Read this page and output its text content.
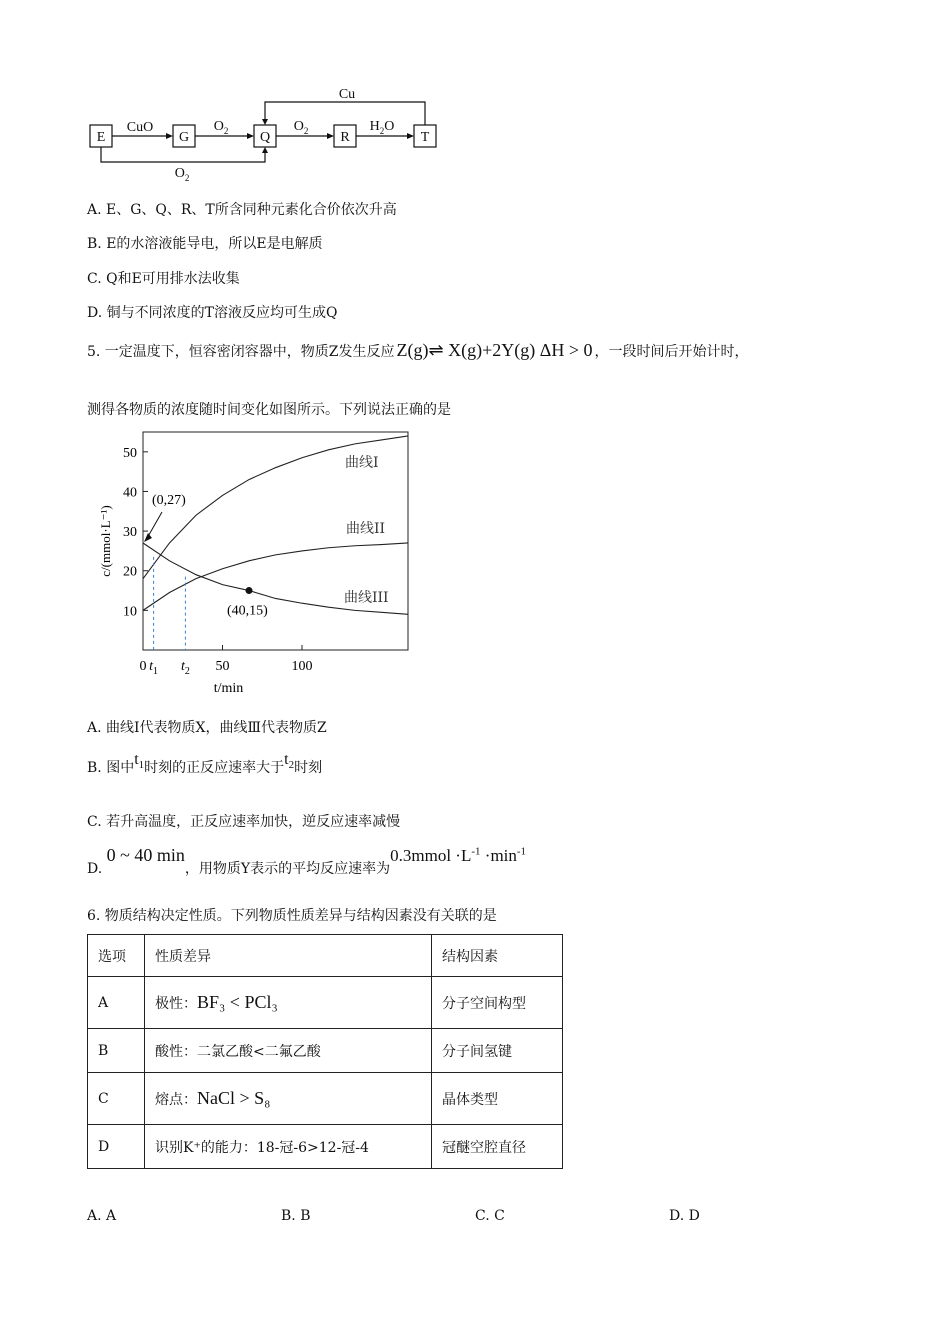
E	G	Q	R	T
CuO
Cu
$O_2$	$O_2$
$O_2$
$H_2O$
A. E、G、Q、R、T所含同种元素化合价依次升高
B. E的水溶液能导电，所以E是电解质
C. Q和E可用排水法收集
D. 铜与不同浓度的T溶液反应均可生成Q
5. 一定温度下，恒容密闭容器中，物质Z发生反应 Z(g)⇌ X(g)+2Y(g) ΔH > 0 ，一段时间后开始计时，
测得各物质的浓度随时间变化如图所示。下列说法正确的是
10
20
30
40
50
0 $t_1$ $t_2$ 50	100
t/min
c/(mmol·L⁻¹)
曲线I
曲线II
曲线III
(40,15)
(0,27)
A. 曲线Ⅰ代表物质X，曲线Ⅲ代表物质Z
B. 图中$t_1$时刻的正反应速率大于$t_2$时刻
C. 若升高温度，正反应速率加快，逆反应速率减慢
D. 0 ~ 40 min，用物质Y表示的平均反应速率为0.3mmol $\cdot L^{-1} \cdot\min^{-1}$
6. 物质结构决定性质。下列物质性质差异与结构因素没有关联的是
选项	性质差异	结构因素
A	极性：BF₃ < PCl₃	分子空间构型
B	酸性：二氯乙酸<二氟乙酸	分子间氢键
C	熔点：NaCl > S₈	晶体类型
D	识别K⁺的能力：18-冠-6>12-冠-4	冠醚空腔直径
A. A	B. B	C. C	D. D
